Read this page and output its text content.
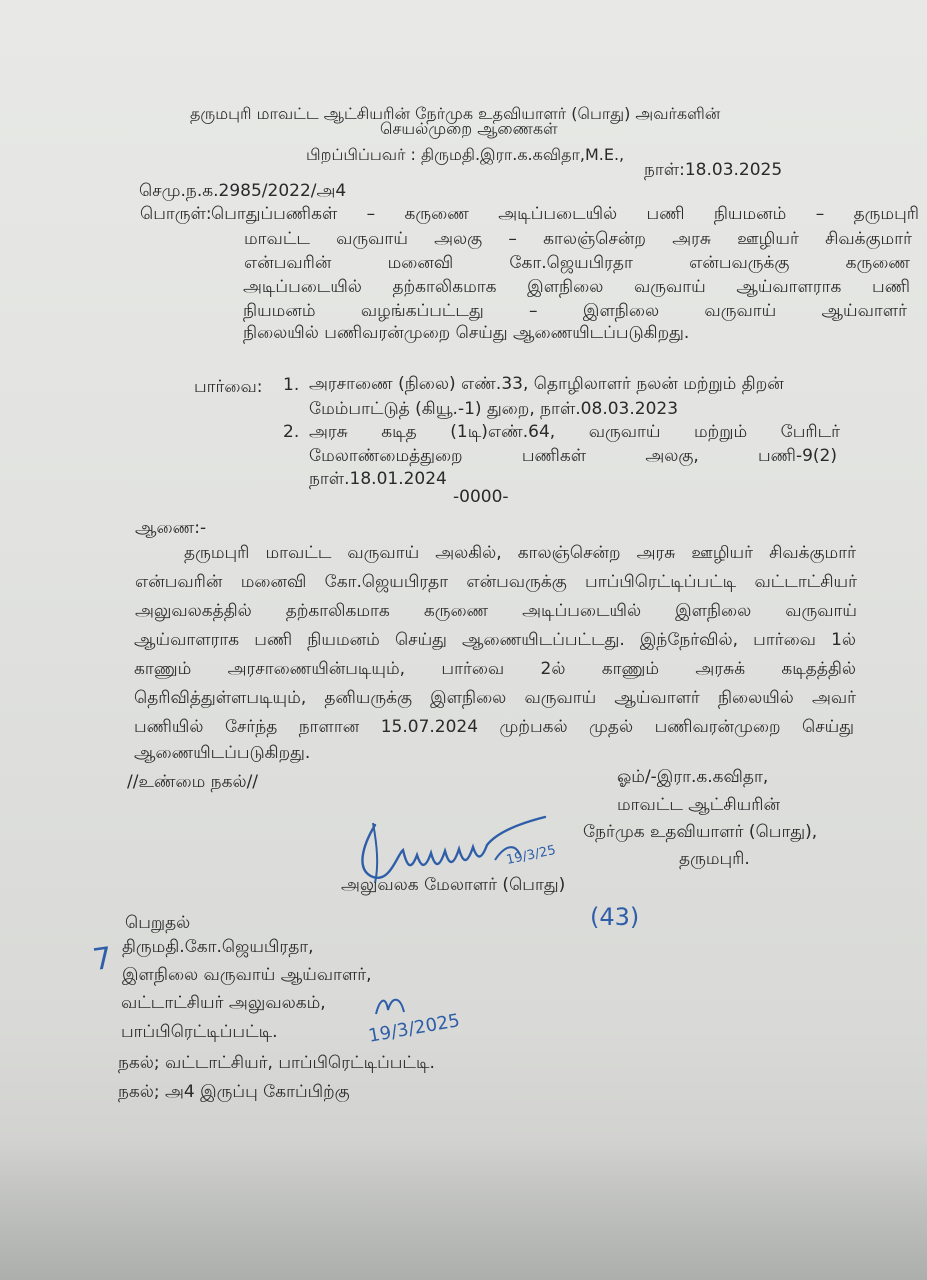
தருமபுரி மாவட்ட ஆட்சியரின் நேர்முக உதவியாளர் (பொது) அவர்களின்
செயல்முறை ஆணைகள்
பிறப்பிப்பவர் : திருமதி.இரா.க.கவிதா,M.E.,
நாள்:18.03.2025
செமு.ந.க.2985/2022/அ4
பொருள்: பொதுப்பணிகள் – கருணை அடிப்படையில் பணி நியமனம் – தருமபுரி
மாவட்ட வருவாய் அலகு – காலஞ்சென்ற அரசு ஊழியர் சிவக்குமார்
என்பவரின் மனைவி கோ.ஜெயபிரதா என்பவருக்கு கருணை
அடிப்படையில் தற்காலிகமாக இளநிலை வருவாய் ஆய்வாளராக பணி
நியமனம் வழங்கப்பட்டது – இளநிலை வருவாய் ஆய்வாளர்
நிலையில் பணிவரன்முறை செய்து ஆணையிடப்படுகிறது.
பார்வை: 1. அரசாணை (நிலை) எண்.33, தொழிலாளர் நலன் மற்றும் திறன்
மேம்பாட்டுத் (கியூ.-1) துறை, நாள்.08.03.2023
2. அரசு கடித (1டி)எண்.64, வருவாய் மற்றும் பேரிடர்
மேலாண்மைத்துறை பணிகள் அலகு, பணி-9(2)
நாள்.18.01.2024
-0000-
ஆணை:-
தருமபுரி மாவட்ட வருவாய் அலகில், காலஞ்சென்ற அரசு ஊழியர் சிவக்குமார்
என்பவரின் மனைவி கோ.ஜெயபிரதா என்பவருக்கு பாப்பிரெட்டிப்பட்டி வட்டாட்சியர்
அலுவலகத்தில் தற்காலிகமாக கருணை அடிப்படையில் இளநிலை வருவாய்
ஆய்வாளராக பணி நியமனம் செய்து ஆணையிடப்பட்டது. இந்நேர்வில், பார்வை 1ல்
காணும் அரசாணையின்படியும், பார்வை 2ல் காணும் அரசுக் கடிதத்தில்
தெரிவித்துள்ளபடியும், தனியருக்கு இளநிலை வருவாய் ஆய்வாளர் நிலையில் அவர்
பணியில் சேர்ந்த நாளான 15.07.2024 முற்பகல் முதல் பணிவரன்முறை செய்து
ஆணையிடப்படுகிறது.
//உண்மை நகல்//	ஓம்/-இரா.க.கவிதா,
மாவட்ட ஆட்சியரின்
நேர்முக உதவியாளர் (பொது),
தருமபுரி.
19/3/25
அலுவலக மேலாளர் (பொது)
பெறுதல்
திருமதி.கோ.ஜெயபிரதா,
இளநிலை வருவாய் ஆய்வாளர்,
வட்டாட்சியர் அலுவலகம்,
பாப்பிரெட்டிப்பட்டி.
(43)
7
19/3/2025
நகல்; வட்டாட்சியர், பாப்பிரெட்டிப்பட்டி.
நகல்; அ4 இருப்பு கோப்பிற்கு
